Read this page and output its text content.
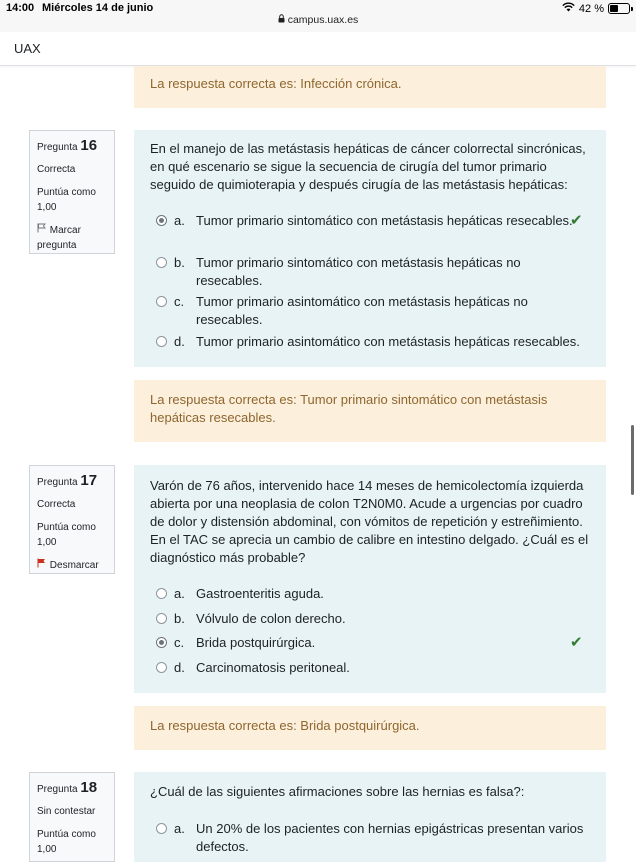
14:00 Miércoles 14 de junio	42 %
campus.uax.es
UAX
La respuesta correcta es: Infección crónica.
Pregunta 16
Correcta
Puntúa como
1,00
Marcar pregunta
En el manejo de las metástasis hepáticas de cáncer colorrectal sincrónicas, en qué escenario se sigue la secuencia de cirugía del tumor primario seguido de quimioterapia y después cirugía de las metástasis hepáticas:
a. Tumor primario sintomático con metástasis hepáticas resecables.
✔
b. Tumor primario sintomático con metástasis hepáticas no resecables.
c. Tumor primario asintomático con metástasis hepáticas no resecables.
d. Tumor primario asintomático con metástasis hepáticas resecables.
La respuesta correcta es: Tumor primario sintomático con metástasis hepáticas resecables.
Pregunta 17
Correcta
Puntúa como
1,00
Desmarcar
Varón de 76 años, intervenido hace 14 meses de hemicolectomía izquierda abierta por una neoplasia de colon T2N0M0. Acude a urgencias por cuadro de dolor y distensión abdominal, con vómitos de repetición y estreñimiento. En el TAC se aprecia un cambio de calibre en intestino delgado. ¿Cuál es el diagnóstico más probable?
a. Gastroenteritis aguda.
b. Vólvulo de colon derecho.
c. Brida postquirúrgica.	✔
d. Carcinomatosis peritoneal.
La respuesta correcta es: Brida postquirúrgica.
Pregunta 18
Sin contestar
Puntúa como
1,00
¿Cuál de las siguientes afirmaciones sobre las hernias es falsa?:
a. Un 20% de los pacientes con hernias epigástricas presentan varios defectos.
